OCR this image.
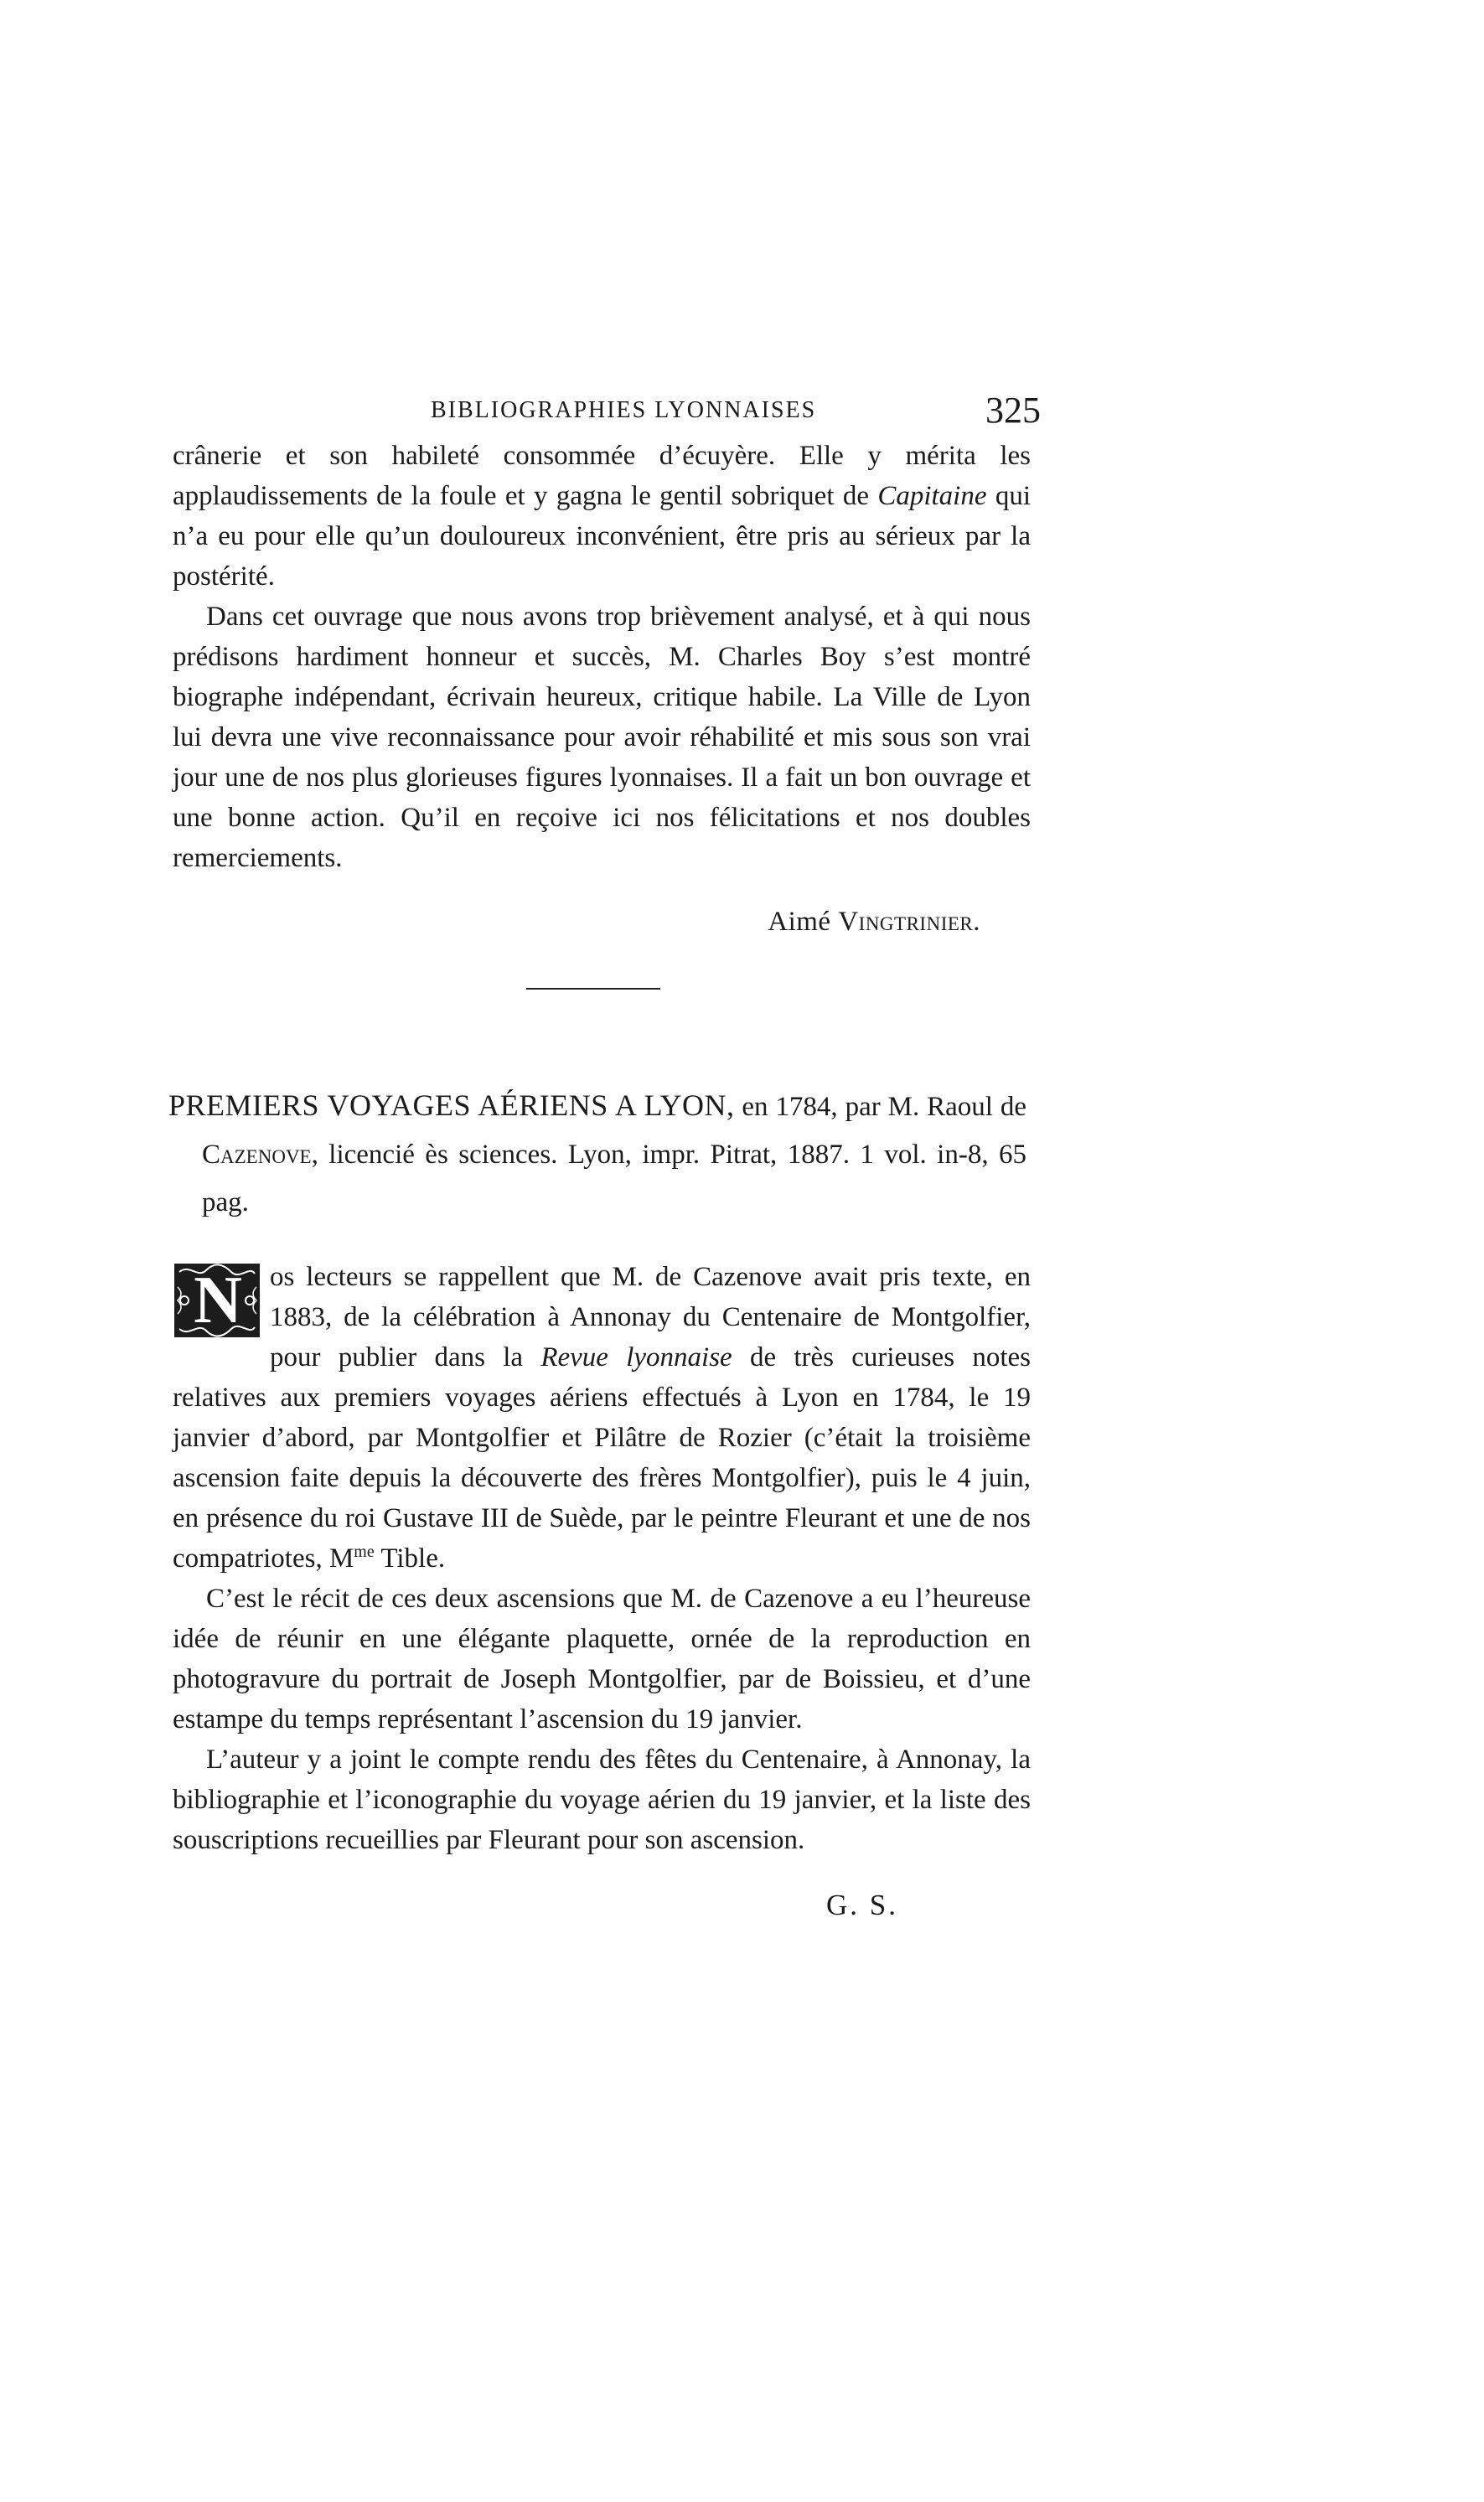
BIBLIOGRAPHIES LYONNAISES	325

crânerie et son habileté consommée d’écuyère. Elle y mérita les applaudissements de la foule et y gagna le gentil sobriquet de Capitaine qui n’a eu pour elle qu’un douloureux inconvénient, être pris au sérieux par la postérité.

Dans cet ouvrage que nous avons trop brièvement analysé, et à qui nous prédisons hardiment honneur et succès, M. Charles Boy s’est montré biographe indépendant, écrivain heureux, critique habile. La Ville de Lyon lui devra une vive reconnaissance pour avoir réhabilité et mis sous son vrai jour une de nos plus glorieuses figures lyonnaises. Il a fait un bon ouvrage et une bonne action. Qu’il en reçoive ici nos félicitations et nos doubles remerciements.

Aimé Vingtrinier.
PREMIERS VOYAGES AÉRIENS A LYON, en 1784, par M. Raoul de Cazenove, licencié ès sciences. Lyon, impr. Pitrat, 1887. 1 vol. in-8, 65 pag.

N	os lecteurs se rappellent que M. de Cazenove avait pris texte, en 1883, de la célébration à Annonay du Centenaire de Montgolfier, pour publier dans la Revue lyonnaise de très curieuses notes relatives aux premiers voyages aériens effectués à Lyon en 1784, le 19 janvier d’abord, par Montgolfier et Pilâtre de Rozier (c’était la troisième ascension faite depuis la découverte des frères Montgolfier), puis le 4 juin, en présence du roi Gustave III de Suède, par le peintre Fleurant et une de nos compatriotes, $M^{me}$ Tible.

C’est le récit de ces deux ascensions que M. de Cazenove a eu l’heureuse idée de réunir en une élégante plaquette, ornée de la reproduction en photogravure du portrait de Joseph Montgolfier, par de Boissieu, et d’une estampe du temps représentant l’ascension du 19 janvier.

L’auteur y a joint le compte rendu des fêtes du Centenaire, à Annonay, la bibliographie et l’iconographie du voyage aérien du 19 janvier, et la liste des souscriptions recueillies par Fleurant pour son ascension.

G. S.
